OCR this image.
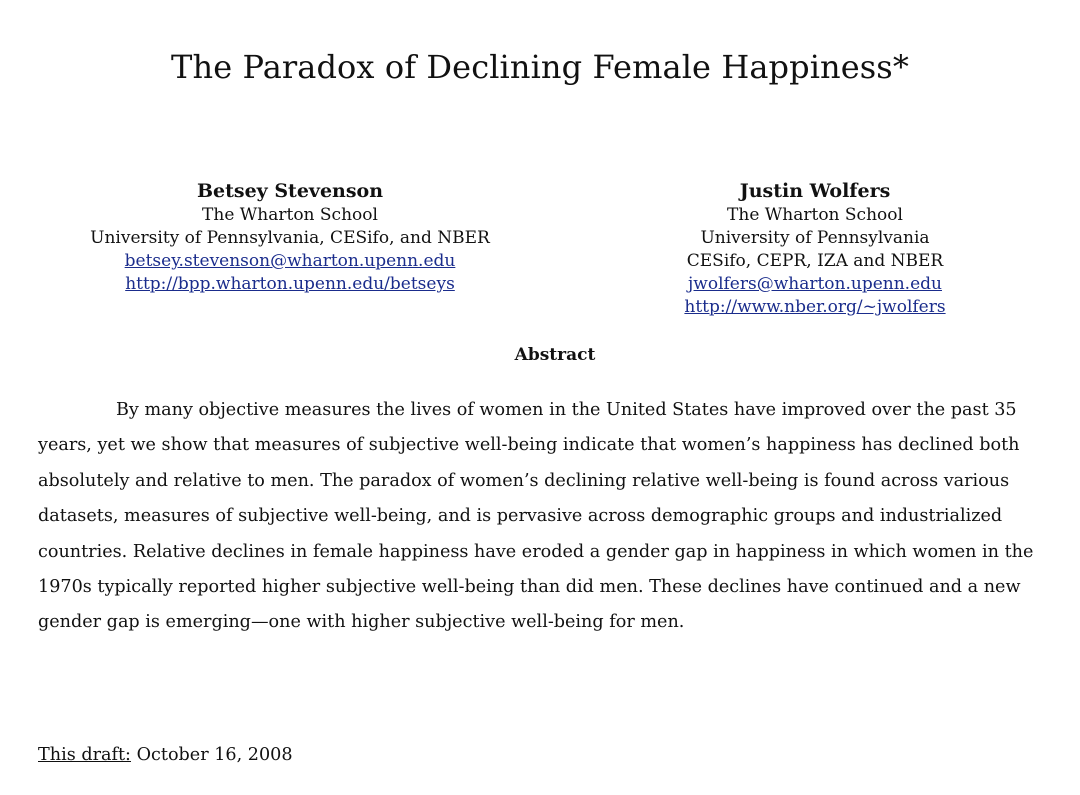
The Paradox of Declining Female Happiness*
Betsey Stevenson
The Wharton School
University of Pennsylvania, CESifo, and NBER
betsey.stevenson@wharton.upenn.edu
http://bpp.wharton.upenn.edu/betseys
Justin Wolfers
The Wharton School
University of Pennsylvania
CESifo, CEPR, IZA and NBER
jwolfers@wharton.upenn.edu
http://www.nber.org/~jwolfers
Abstract

By many objective measures the lives of women in the United States have improved over the past 35 years, yet we show that measures of subjective well-being indicate that women’s happiness has declined both absolutely and relative to men. The paradox of women’s declining relative well-being is found across various datasets, measures of subjective well-being, and is pervasive across demographic groups and industrialized countries. Relative declines in female happiness have eroded a gender gap in happiness in which women in the 1970s typically reported higher subjective well-being than did men. These declines have continued and a new gender gap is emerging—one with higher subjective well-being for men.

This draft: October 16, 2008
